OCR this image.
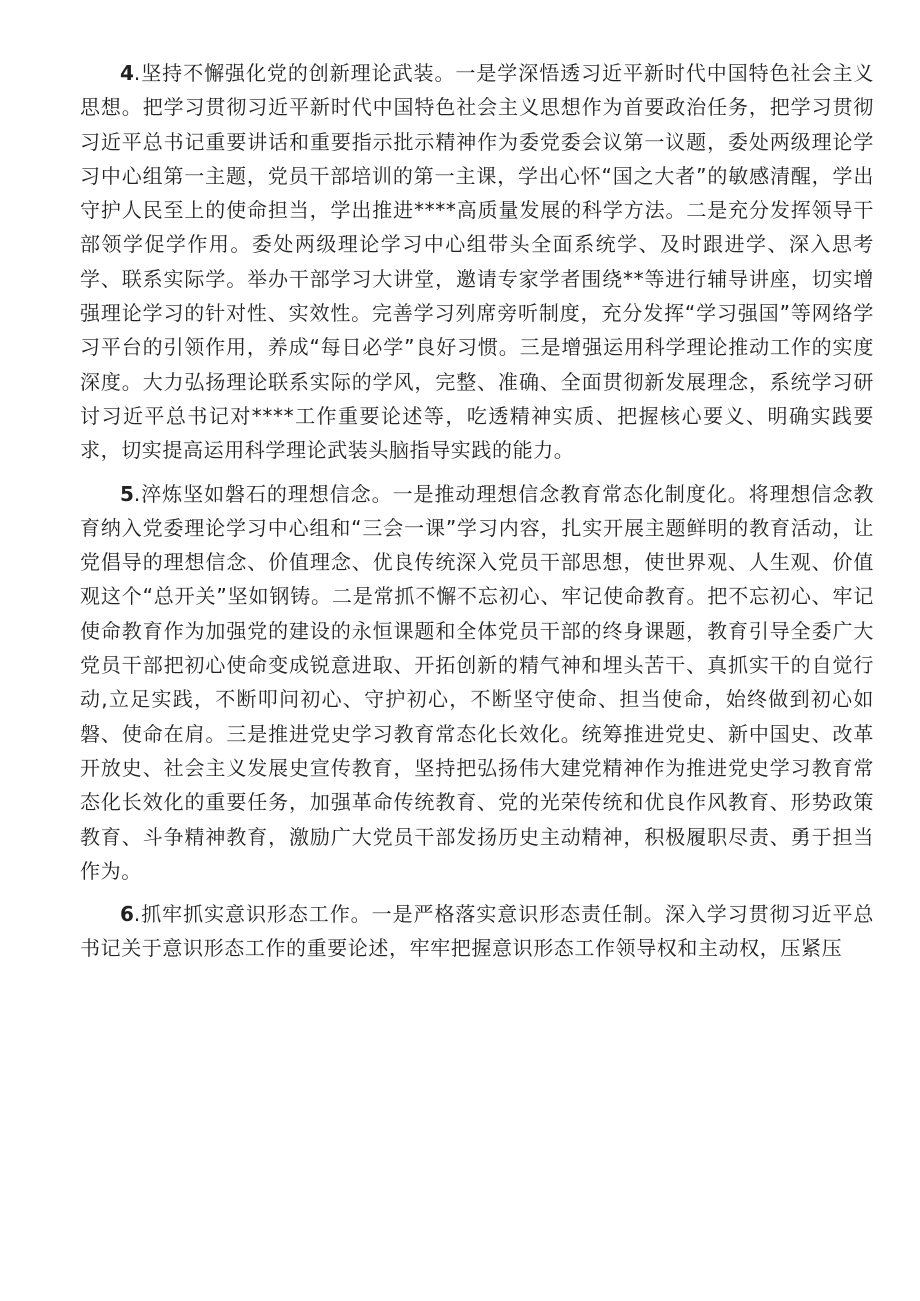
4.坚持不懈强化党的创新理论武装。一是学深悟透习近平新时代中国特色社会主义思想。把学习贯彻习近平新时代中国特色社会主义思想作为首要政治任务，把学习贯彻习近平总书记重要讲话和重要指示批示精神作为委党委会议第一议题，委处两级理论学习中心组第一主题，党员干部培训的第一主课，学出心怀“国之大者”的敏感清醒，学出守护人民至上的使命担当，学出推进****高质量发展的科学方法。二是充分发挥领导干部领学促学作用。委处两级理论学习中心组带头全面系统学、及时跟进学、深入思考学、联系实际学。举办干部学习大讲堂，邀请专家学者围绕**等进行辅导讲座，切实增强理论学习的针对性、实效性。完善学习列席旁听制度，充分发挥“学习强国”等网络学习平台的引领作用，养成“每日必学”良好习惯。三是增强运用科学理论推动工作的实度深度。大力弘扬理论联系实际的学风，完整、准确、全面贯彻新发展理念，系统学习研讨习近平总书记对****工作重要论述等，吃透精神实质、把握核心要义、明确实践要求，切实提高运用科学理论武装头脑指导实践的能力。

5.淬炼坚如磐石的理想信念。一是推动理想信念教育常态化制度化。将理想信念教育纳入党委理论学习中心组和“三会一课”学习内容，扎实开展主题鲜明的教育活动，让党倡导的理想信念、价值理念、优良传统深入党员干部思想，使世界观、人生观、价值观这个“总开关”坚如钢铸。二是常抓不懈不忘初心、牢记使命教育。把不忘初心、牢记使命教育作为加强党的建设的永恒课题和全体党员干部的终身课题，教育引导全委广大党员干部把初心使命变成锐意进取、开拓创新的精气神和埋头苦干、真抓实干的自觉行动,立足实践，不断叩问初心、守护初心，不断坚守使命、担当使命，始终做到初心如磐、使命在肩。三是推进党史学习教育常态化长效化。统筹推进党史、新中国史、改革开放史、社会主义发展史宣传教育，坚持把弘扬伟大建党精神作为推进党史学习教育常态化长效化的重要任务，加强革命传统教育、党的光荣传统和优良作风教育、形势政策教育、斗争精神教育，激励广大党员干部发扬历史主动精神，积极履职尽责、勇于担当作为。

6.抓牢抓实意识形态工作。一是严格落实意识形态责任制。深入学习贯彻习近平总书记关于意识形态工作的重要论述，牢牢把握意识形态工作领导权和主动权，压紧压
